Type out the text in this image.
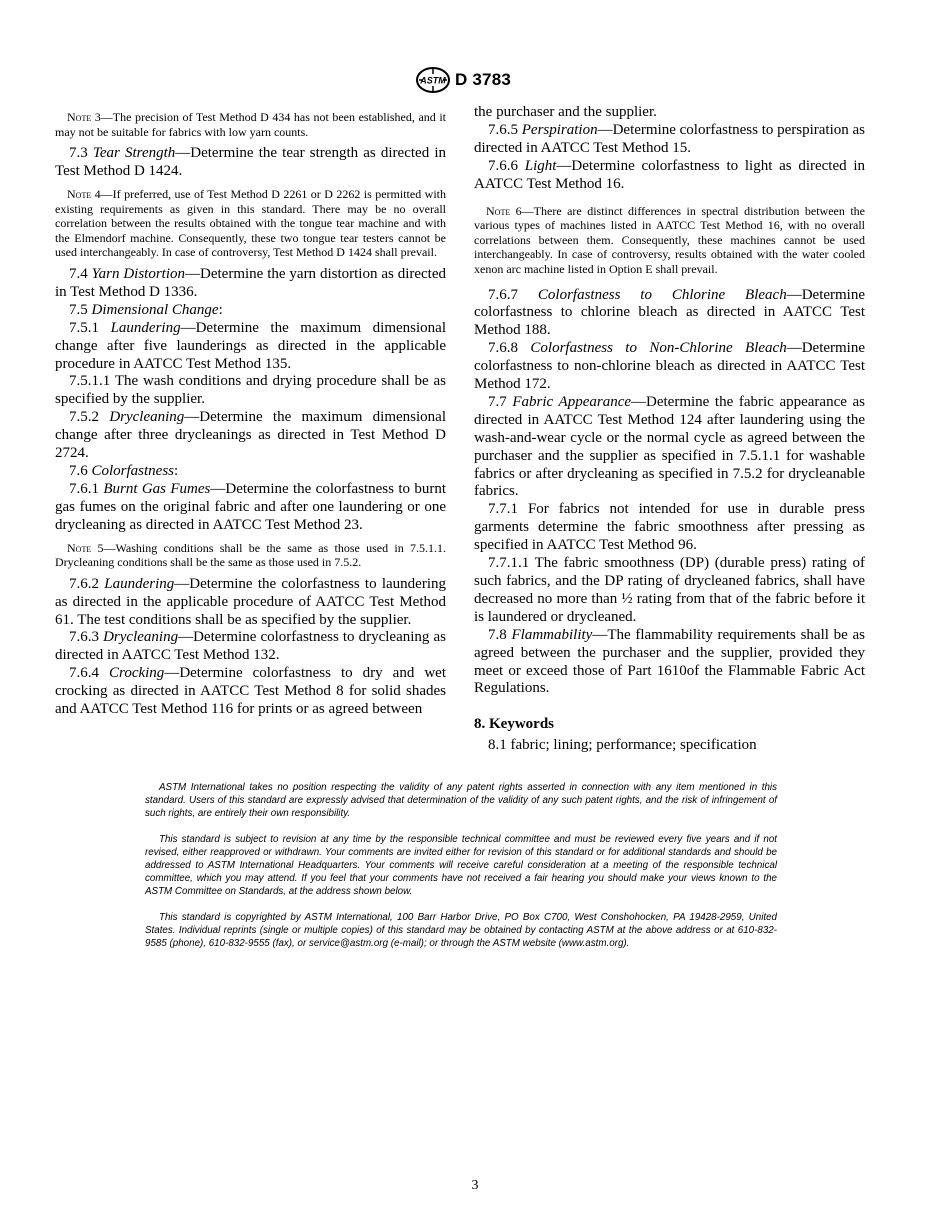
ASTM D 3783

Note 3—The precision of Test Method D 434 has not been established, and it may not be suitable for fabrics with low yarn counts.

7.3 Tear Strength—Determine the tear strength as directed in Test Method D 1424.

Note 4—If preferred, use of Test Method D 2261 or D 2262 is permitted with existing requirements as given in this standard. There may be no overall correlation between the results obtained with the tongue tear machine and with the Elmendorf machine. Consequently, these two tongue tear testers cannot be used interchangeably. In case of controversy, Test Method D 1424 shall prevail.

7.4 Yarn Distortion—Determine the yarn distortion as directed in Test Method D 1336.

7.5 Dimensional Change:

7.5.1 Laundering—Determine the maximum dimensional change after five launderings as directed in the applicable procedure in AATCC Test Method 135.

7.5.1.1 The wash conditions and drying procedure shall be as specified by the supplier.

7.5.2 Drycleaning—Determine the maximum dimensional change after three drycleanings as directed in Test Method D 2724.

7.6 Colorfastness:

7.6.1 Burnt Gas Fumes—Determine the colorfastness to burnt gas fumes on the original fabric and after one laundering or one drycleaning as directed in AATCC Test Method 23.

Note 5—Washing conditions shall be the same as those used in 7.5.1.1. Drycleaning conditions shall be the same as those used in 7.5.2.

7.6.2 Laundering—Determine the colorfastness to laundering as directed in the applicable procedure of AATCC Test Method 61. The test conditions shall be as specified by the supplier.

7.6.3 Drycleaning—Determine colorfastness to drycleaning as directed in AATCC Test Method 132.

7.6.4 Crocking—Determine colorfastness to dry and wet crocking as directed in AATCC Test Method 8 for solid shades and AATCC Test Method 116 for prints or as agreed between

the purchaser and the supplier.

7.6.5 Perspiration—Determine colorfastness to perspiration as directed in AATCC Test Method 15.

7.6.6 Light—Determine colorfastness to light as directed in AATCC Test Method 16.

Note 6—There are distinct differences in spectral distribution between the various types of machines listed in AATCC Test Method 16, with no overall correlations between them. Consequently, these machines cannot be used interchangeably. In case of controversy, results obtained with the water cooled xenon arc machine listed in Option E shall prevail.

7.6.7 Colorfastness to Chlorine Bleach—Determine colorfastness to chlorine bleach as directed in AATCC Test Method 188.

7.6.8 Colorfastness to Non-Chlorine Bleach—Determine colorfastness to non-chlorine bleach as directed in AATCC Test Method 172.

7.7 Fabric Appearance—Determine the fabric appearance as directed in AATCC Test Method 124 after laundering using the wash-and-wear cycle or the normal cycle as agreed between the purchaser and the supplier as specified in 7.5.1.1 for washable fabrics or after drycleaning as specified in 7.5.2 for drycleanable fabrics.

7.7.1 For fabrics not intended for use in durable press garments determine the fabric smoothness after pressing as specified in AATCC Test Method 96.

7.7.1.1 The fabric smoothness (DP) (durable press) rating of such fabrics, and the DP rating of drycleaned fabrics, shall have decreased no more than ½ rating from that of the fabric before it is laundered or drycleaned.

7.8 Flammability—The flammability requirements shall be as agreed between the purchaser and the supplier, provided they meet or exceed those of Part 1610of the Flammable Fabric Act Regulations.

8. Keywords

8.1 fabric; lining; performance; specification

ASTM International takes no position respecting the validity of any patent rights asserted in connection with any item mentioned in this standard. Users of this standard are expressly advised that determination of the validity of any such patent rights, and the risk of infringement of such rights, are entirely their own responsibility.

This standard is subject to revision at any time by the responsible technical committee and must be reviewed every five years and if not revised, either reapproved or withdrawn. Your comments are invited either for revision of this standard or for additional standards and should be addressed to ASTM International Headquarters. Your comments will receive careful consideration at a meeting of the responsible technical committee, which you may attend. If you feel that your comments have not received a fair hearing you should make your views known to the ASTM Committee on Standards, at the address shown below.

This standard is copyrighted by ASTM International, 100 Barr Harbor Drive, PO Box C700, West Conshohocken, PA 19428-2959, United States. Individual reprints (single or multiple copies) of this standard may be obtained by contacting ASTM at the above address or at 610-832-9585 (phone), 610-832-9555 (fax), or service@astm.org (e-mail); or through the ASTM website (www.astm.org).

3
